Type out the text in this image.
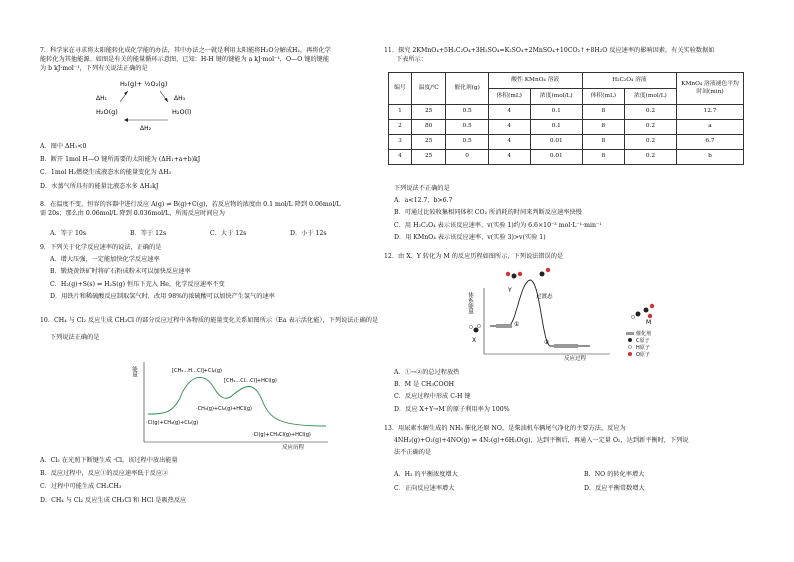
7．科学家在寻求将太阳能转化成化学能的办法，其中办法之一就是利用太阳能将H₂O分解成H₂，再将化学
能转化为其他能源。如图是有关的能量循环示意图，已知：H-H 键的键能为 a kJ·mol⁻¹，O—O 键的键能
为 b kJ·mol⁻¹，下列有关说法正确的是
H₂(g)+ ½O₂(g)
ΔH₁	ΔH₃
H₂O(g)	H₂O(l)
ΔH₂
A．图中 ΔH₁<0
B．断开 1mol H—O 键所需要的太阳能为 (ΔH₁+a+b)kJ
C．1mol H₂燃烧生成液态水的能量变化为 ΔH₃
D．水蒸气所具有的能量比液态水多 ΔH₂kJ
8．在温度不变、恒容的容器中进行反应 A(g) ⇌ B(g)+C(g)，若反应物的浓度由 0.1 mol/L 降到 0.06mol/L
需 20s；那么由 0.06mol/L 降到 0.036mol/L，所需反应时间应为
A．等于 10s	B．等于 12s	C．大于 12s	D．小于 12s
9．下列关于化学反应速率的说法，正确的是
A．增大压强，一定能加快化学反应速率
B．锻烧黄铁矿时将矿石粉成粉末可以加快反应速率
C．H₂(g)+S(s) ⇌ H₂S(g) 恒压下充入 He，化学反应速率不变
D．用铁片和稀硫酸反应制取氢气时，改用 98%的浓硫酸可以加快产生氢气的速率
10．CH₄ 与 Cl₂ 反应生成 CH₃Cl 的部分反应过程中各物质的能量变化关系如图所示（Ea 表示活化能），下列说法正确的是
下列说法正确的是
能量
反应历程
[CH₃…H…Cl]+Cl₂(g)
[CH₃…Cl…Cl]+HCl(g)
·CH₃(g)+Cl₂(g)+HCl(g)
·Cl(g)+CH₄(g)+Cl₂(g)
·Cl(g)+CH₃Cl(g)+HCl(g)
A．Cl₂ 在光照下断键生成 ·Cl，该过程中放出能量
B．反应过程中，反应①的反应速率低于反应②
C．过程中可能生成 CH₂CH₃
D．CH₄ 与 Cl₂ 反应生成 CH₃Cl 和 HCl 是吸热反应
11．探究 2KMnO₄+5H₂C₂O₄+3H₂SO₄=K₂SO₄+2MnSO₄+10CO₂↑+8H₂O 反应速率的影响因素，有关实验数据如
下表所示：
编号	温度/℃	催化剂(g)	酸性 KMnO₄ 溶液		H₂C₂O₄ 溶液		KMnO₄ 溶液褪色平均时间(min)
			体积(mL)	浓度(mol/L)	体积(mL)	浓度(mol/L)	
1	25	0.5	4	0.1	8	0.2	12.7
2	80	0.5	4	0.1	8	0.2	a
3	25	0.5	4	0.01	8	0.2	6.7
4	25	0	4	0.01	8	0.2	b
下列说法不正确的是
A．a<12.7，b>6.7
B．可通过比较收集相同体积 CO₂ 所消耗的时间来判断反应速率快慢
C．用 H₂C₂O₄ 表示该反应速率，v(实验 1)约为 6.6×10⁻³ mol·L⁻¹·min⁻¹
D．用 KMnO₄ 表示该反应速率，v(实验 3)>v(实验 1)
12．由 X、Y 转化为 M 的反应历程如图所示，下列说法错误的是
体系能量
反应过程
①
②
过渡态
X
Y
M
催化剂
C原子
H原子
O原子
A．①→②的总过程放热
B．M 是 CH₃COOH
C．反应过程中形成 C-H 键
D．反应 X+Y→M 的原子利用率为 100%
13．用尿素水解生成的 NH₃ 催化还原 NO，是柴油机车辆尾气净化的主要方法。反应为
4NH₃(g)+O₂(g)+4NO(g) ⇌ 4N₂(g)+6H₂O(g)，达到平衡后，再通入一定量 O₂，达到新平衡时，下列说
法不正确的是
A．H₂ 的平衡浓度增大	B．NO 的转化率增大
C．正向反应速率增大	D．反应平衡常数增大
